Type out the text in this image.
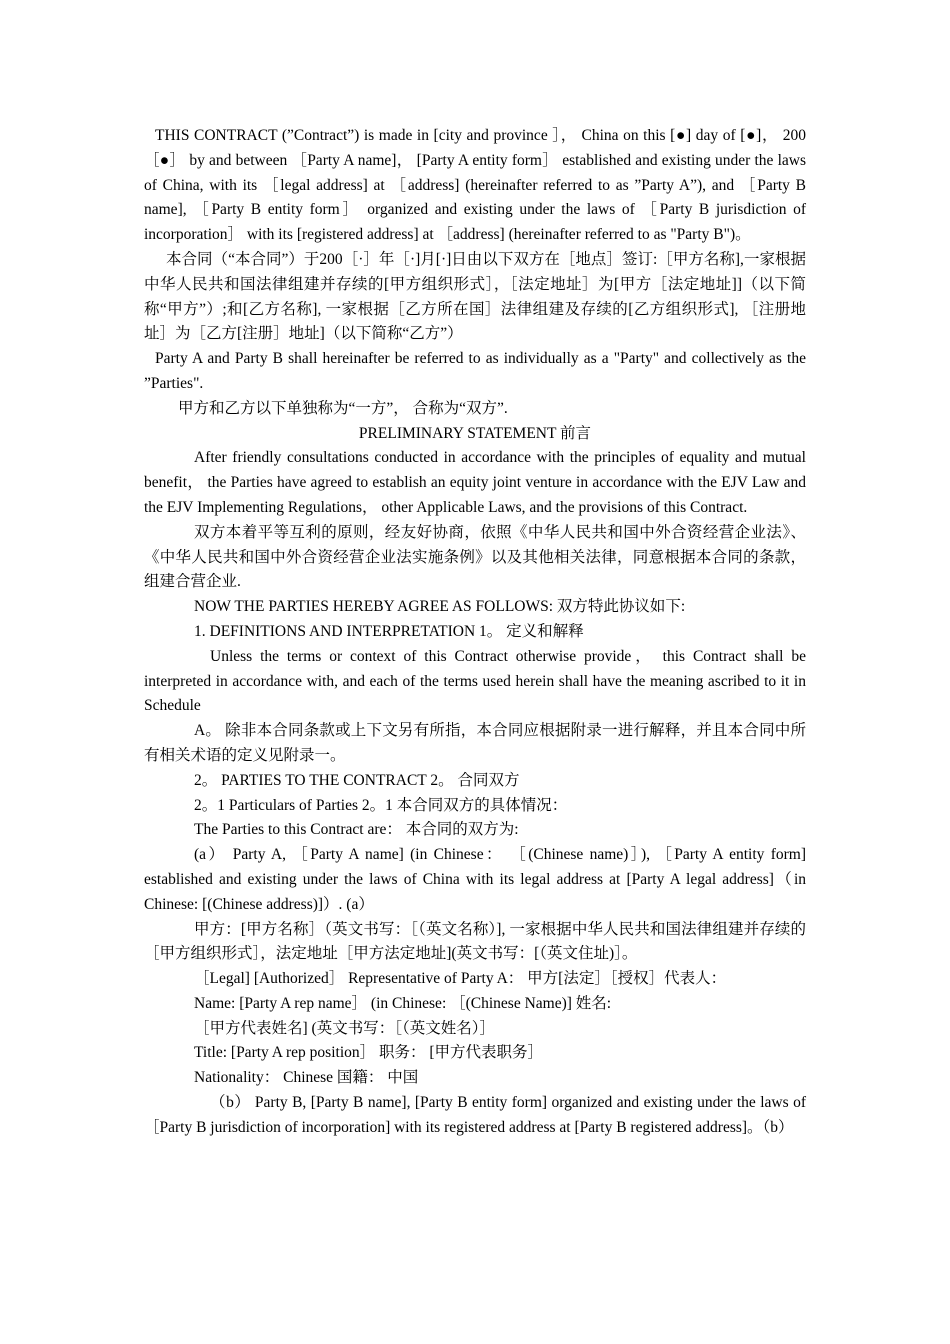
THIS CONTRACT (”Contract”) is made in [city and province ］， China on this [●] day of [●]， 200［●］ by and between ［Party A name]， [Party A entity form］ established and existing under the laws of China, with its ［legal address] at ［address] (hereinafter referred to as ”Party A”), and ［Party B name], ［Party B entity form］ organized and existing under the laws of ［Party B jurisdiction of incorporation］ with its [registered address] at ［address] (hereinafter referred to as "Party B")。

本合同（“本合同”）于200［·］年［·]月[·]日由以下双方在［地点］签订:［甲方名称],一家根据中华人民共和国法律组建并存续的[甲方组织形式］，［法定地址］为[甲方［法定地址]]（以下简称“甲方”）;和[乙方名称], 一家根据［乙方所在国］法律组建及存续的[乙方组织形式], ［注册地址］为［乙方[注册］地址]（以下简称“乙方”）

Party A and Party B shall hereinafter be referred to as individually as a "Party" and collectively as the ”Parties".

甲方和乙方以下单独称为“一方”， 合称为“双方”.

PRELIMINARY STATEMENT 前言

After friendly consultations conducted in accordance with the principles of equality and mutual benefit， the Parties have agreed to establish an equity joint venture in accordance with the EJV Law and the EJV Implementing Regulations， other Applicable Laws, and the provisions of this Contract.

双方本着平等互利的原则，经友好协商，依照《中华人民共和国中外合资经营企业法》、《中华人民共和国中外合资经营企业法实施条例》以及其他相关法律，同意根据本合同的条款，组建合营企业.

NOW THE PARTIES HEREBY AGREE AS FOLLOWS: 双方特此协议如下:

1. DEFINITIONS AND INTERPRETATION 1。 定义和解释

Unless the terms or context of this Contract otherwise provide， this Contract shall be interpreted in accordance with, and each of the terms used herein shall have the meaning ascribed to it in Schedule

A。 除非本合同条款或上下文另有所指，本合同应根据附录一进行解释，并且本合同中所有相关术语的定义见附录一。

2。 PARTIES TO THE CONTRACT 2。 合同双方

2。1 Particulars of Parties 2。1 本合同双方的具体情况：

The Parties to this Contract are： 本合同的双方为:

(a） Party A, ［Party A name] (in Chinese： ［(Chinese name)］), ［Party A entity form] established and existing under the laws of China with its legal address at [Party A legal address]（in Chinese: [(Chinese address)]）. (a）

甲方：[甲方名称］（英文书写：［（英文名称）], 一家根据中华人民共和国法律组建并存续的［甲方组织形式］，法定地址［甲方法定地址](英文书写：[（英文住址)］。

［Legal] [Authorized］ Representative of Party A： 甲方[法定］［授权］代表人：

Name: [Party A rep name］ (in Chinese: ［(Chinese Name)] 姓名:

［甲方代表姓名] (英文书写：［（英文姓名）］

Title: [Party A rep position］ 职务： [甲方代表职务］

Nationality： Chinese 国籍： 中国

（b） Party B, [Party B name], [Party B entity form] organized and existing under the laws of ［Party B jurisdiction of incorporation] with its registered address at [Party B registered address]。（b）
